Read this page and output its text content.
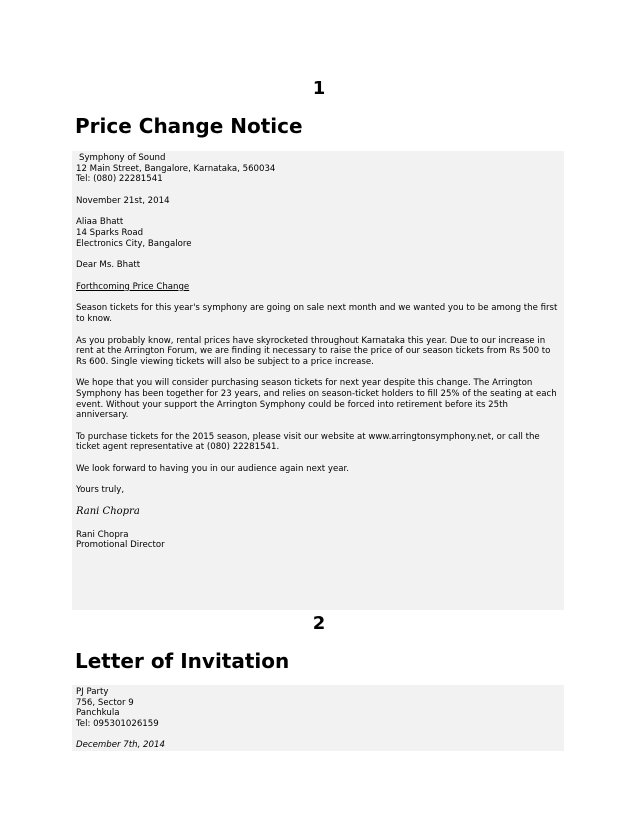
1
Price Change Notice
Symphony of Sound
12 Main Street, Bangalore, Karnataka, 560034
Tel: (080) 22281541
November 21st, 2014
Aliaa Bhatt
14 Sparks Road
Electronics City, Bangalore
Dear Ms. Bhatt
Forthcoming Price Change
Season tickets for this year's symphony are going on sale next month and we wanted you to be among the first to know.
As you probably know, rental prices have skyrocketed throughout Karnataka this year. Due to our increase in rent at the Arrington Forum, we are finding it necessary to raise the price of our season tickets from Rs 500 to Rs 600. Single viewing tickets will also be subject to a price increase.
We hope that you will consider purchasing season tickets for next year despite this change. The Arrington Symphony has been together for 23 years, and relies on season-ticket holders to fill 25% of the seating at each event. Without your support the Arrington Symphony could be forced into retirement before its 25th anniversary.
To purchase tickets for the 2015 season, please visit our website at www.arringtonsymphony.net, or call the ticket agent representative at (080) 22281541.
We look forward to having you in our audience again next year.
Yours truly,
Rani Chopra
Rani Chopra
Promotional Director
2
Letter of Invitation
PJ Party
756, Sector 9
Panchkula
Tel: 095301026159
December 7th, 2014
